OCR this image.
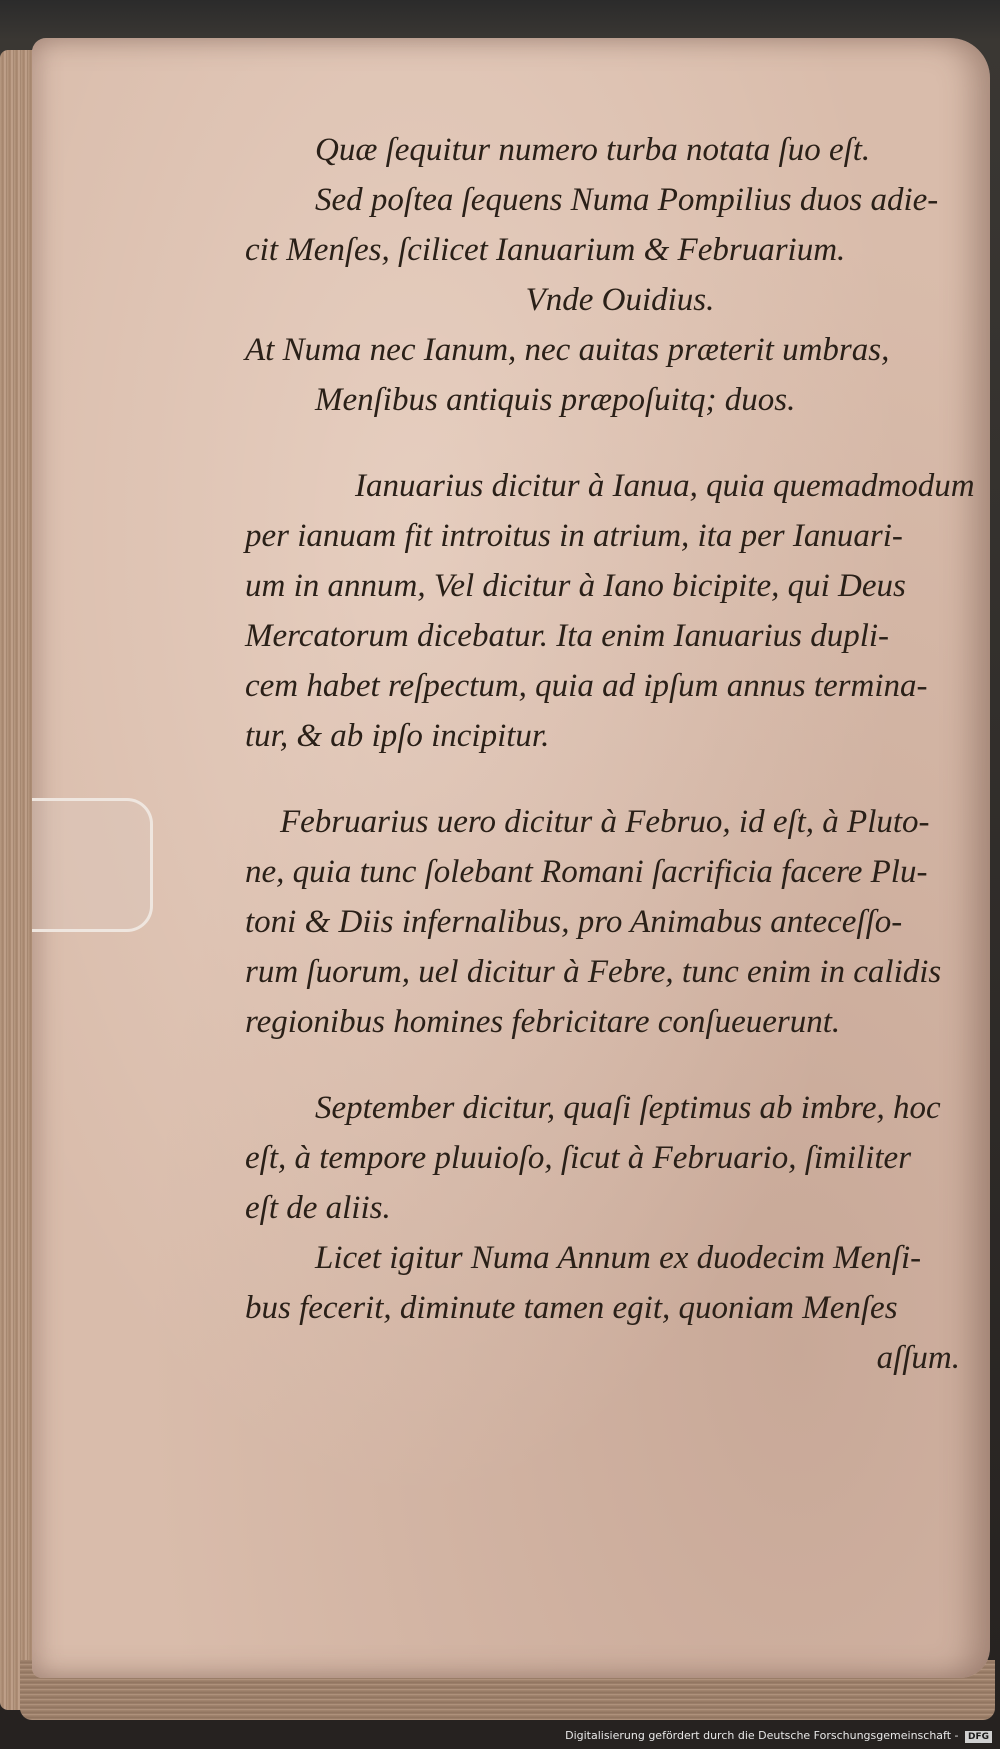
Quæ ſequitur numero turba notata ſuo eſt.
Sed poſtea ſequens Numa Pompilius duos adie-
cit Menſes, ſcilicet Ianuarium & Februarium.
Vnde Ouidius.
At Numa nec Ianum, nec auitas præterit umbras,
Menſibus antiquis præpoſuitq; duos.
Ianuarius dicitur à Ianua, quia quemadmodum
per ianuam fit introitus in atrium, ita per Ianuari-
um in annum, Vel dicitur à Iano bicipite, qui Deus
Mercatorum dicebatur. Ita enim Ianuarius dupli-
cem habet reſpectum, quia ad ipſum annus termina-
tur, & ab ipſo incipitur.
Februarius uero dicitur à Februo, id eſt, à Pluto-
ne, quia tunc ſolebant Romani ſacrificia facere Plu-
toni & Diis infernalibus, pro Animabus anteceſſo-
rum ſuorum, uel dicitur à Febre, tunc enim in calidis
regionibus homines febricitare conſueuerunt.
September dicitur, quaſi ſeptimus ab imbre, hoc
eſt, à tempore pluuioſo, ſicut à Februario, ſimiliter
eſt de aliis.
Licet igitur Numa Annum ex duodecim Menſi-
bus fecerit, diminute tamen egit, quoniam Menſes
aſſum.
Digitalisierung gefördert durch die Deutsche Forschungsgemeinschaft - DFG
